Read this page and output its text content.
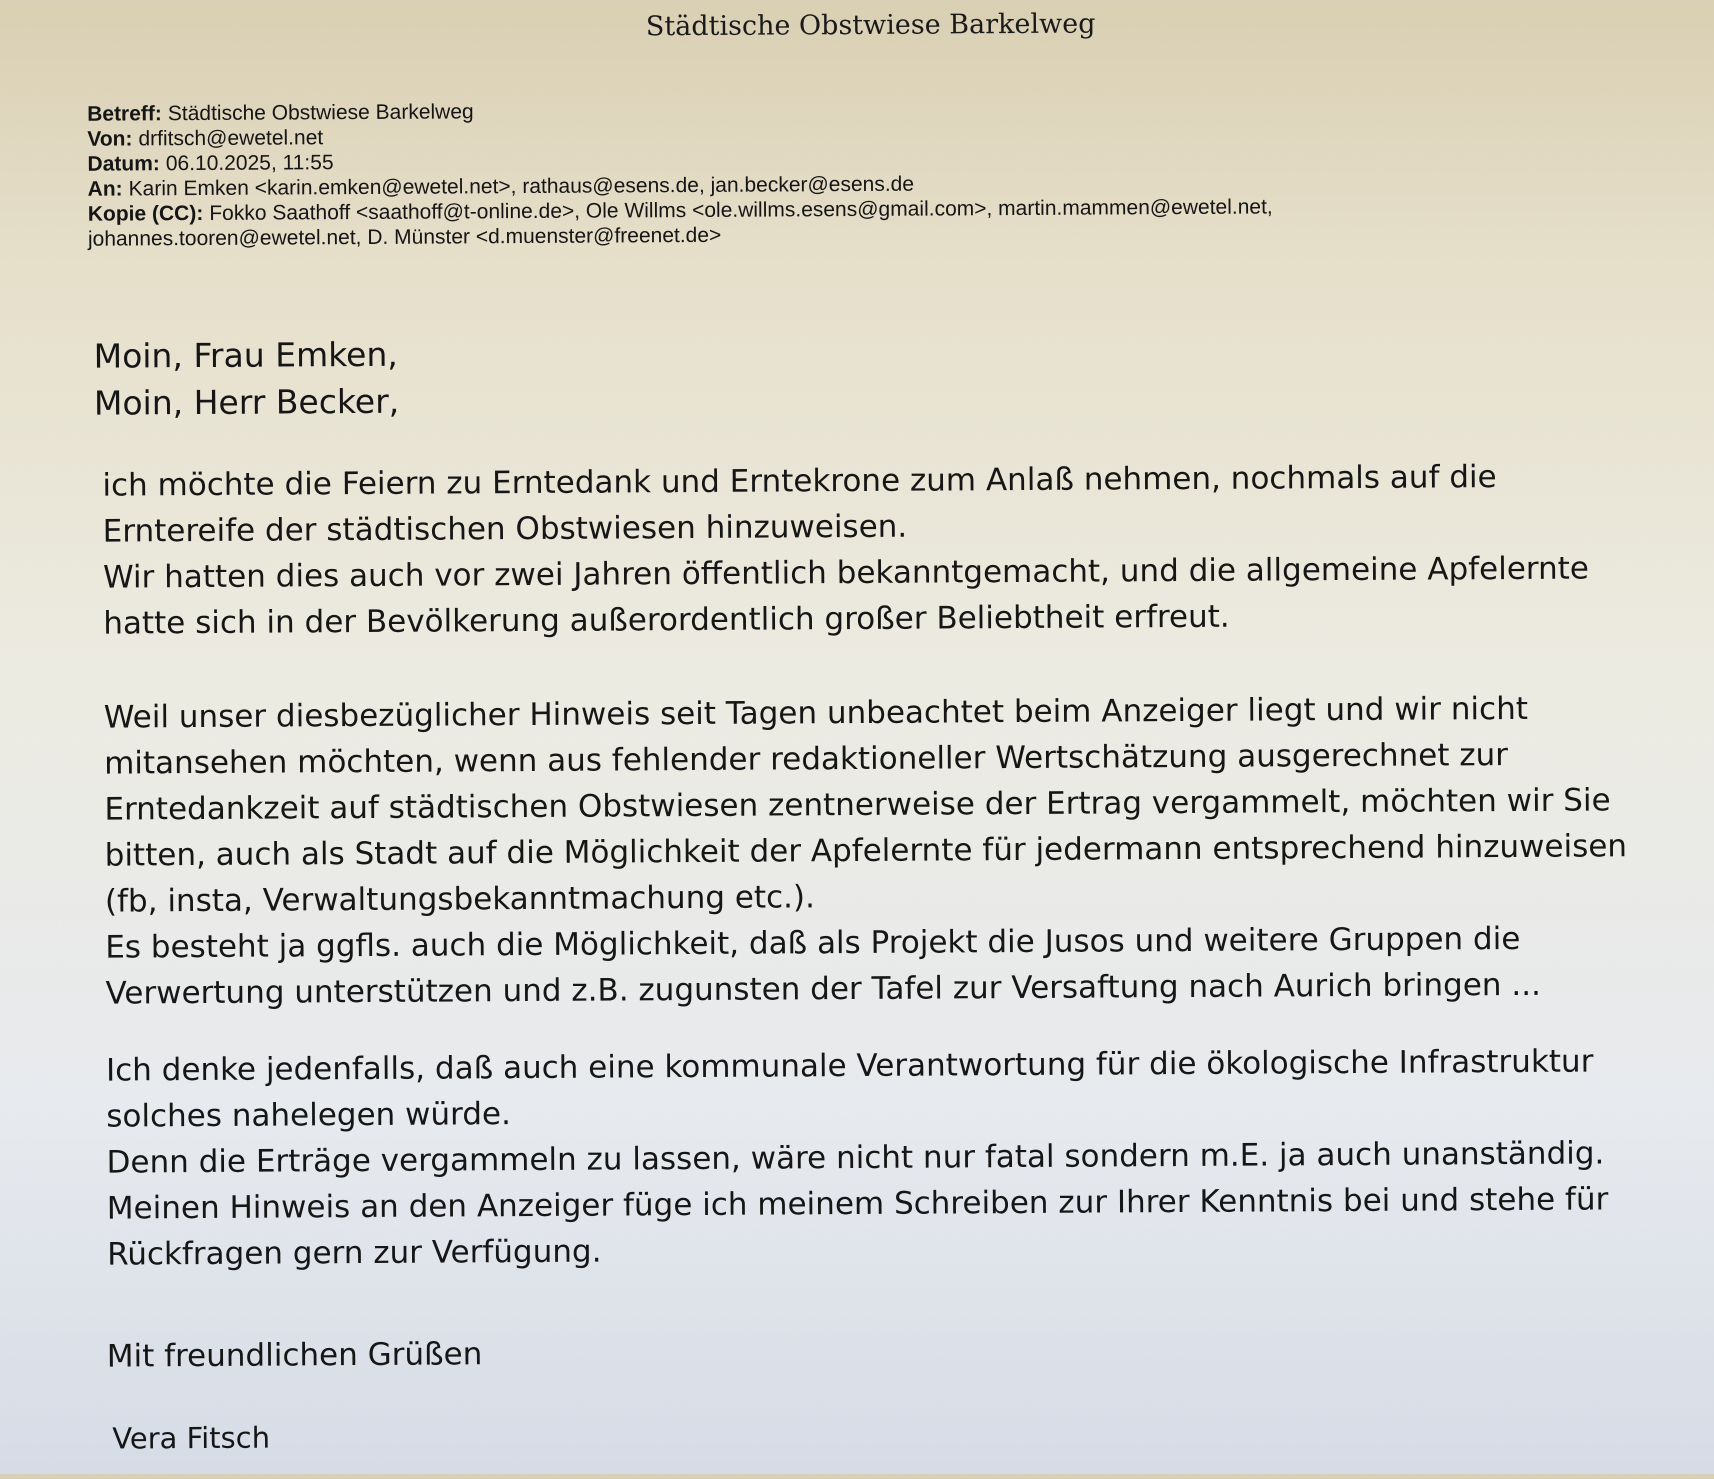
Städtische Obstwiese Barkelweg
Betreff: Städtische Obstwiese Barkelweg
Von: drfitsch@ewetel.net
Datum: 06.10.2025, 11:55
An: Karin Emken <karin.emken@ewetel.net>, rathaus@esens.de, jan.becker@esens.de
Kopie (CC): Fokko Saathoff <saathoff@t-online.de>, Ole Willms <ole.willms.esens@gmail.com>, martin.mammen@ewetel.net,
johannes.tooren@ewetel.net, D. Münster <d.muenster@freenet.de>
Moin, Frau Emken,
Moin, Herr Becker,
ich möchte die Feiern zu Erntedank und Erntekrone zum Anlaß nehmen, nochmals auf die
Erntereife der städtischen Obstwiesen hinzuweisen.
Wir hatten dies auch vor zwei Jahren öffentlich bekanntgemacht, und die allgemeine Apfelernte
hatte sich in der Bevölkerung außerordentlich großer Beliebtheit erfreut.
Weil unser diesbezüglicher Hinweis seit Tagen unbeachtet beim Anzeiger liegt und wir nicht
mitansehen möchten, wenn aus fehlender redaktioneller Wertschätzung ausgerechnet zur
Erntedankzeit auf städtischen Obstwiesen zentnerweise der Ertrag vergammelt, möchten wir Sie
bitten, auch als Stadt auf die Möglichkeit der Apfelernte für jedermann entsprechend hinzuweisen
(fb, insta, Verwaltungsbekanntmachung etc.).
Es besteht ja ggfls. auch die Möglichkeit, daß als Projekt die Jusos und weitere Gruppen die
Verwertung unterstützen und z.B. zugunsten der Tafel zur Versaftung nach Aurich bringen ...
Ich denke jedenfalls, daß auch eine kommunale Verantwortung für die ökologische Infrastruktur
solches nahelegen würde.
Denn die Erträge vergammeln zu lassen, wäre nicht nur fatal sondern m.E. ja auch unanständig.
Meinen Hinweis an den Anzeiger füge ich meinem Schreiben zur Ihrer Kenntnis bei und stehe für
Rückfragen gern zur Verfügung.
Mit freundlichen Grüßen
Vera Fitsch
